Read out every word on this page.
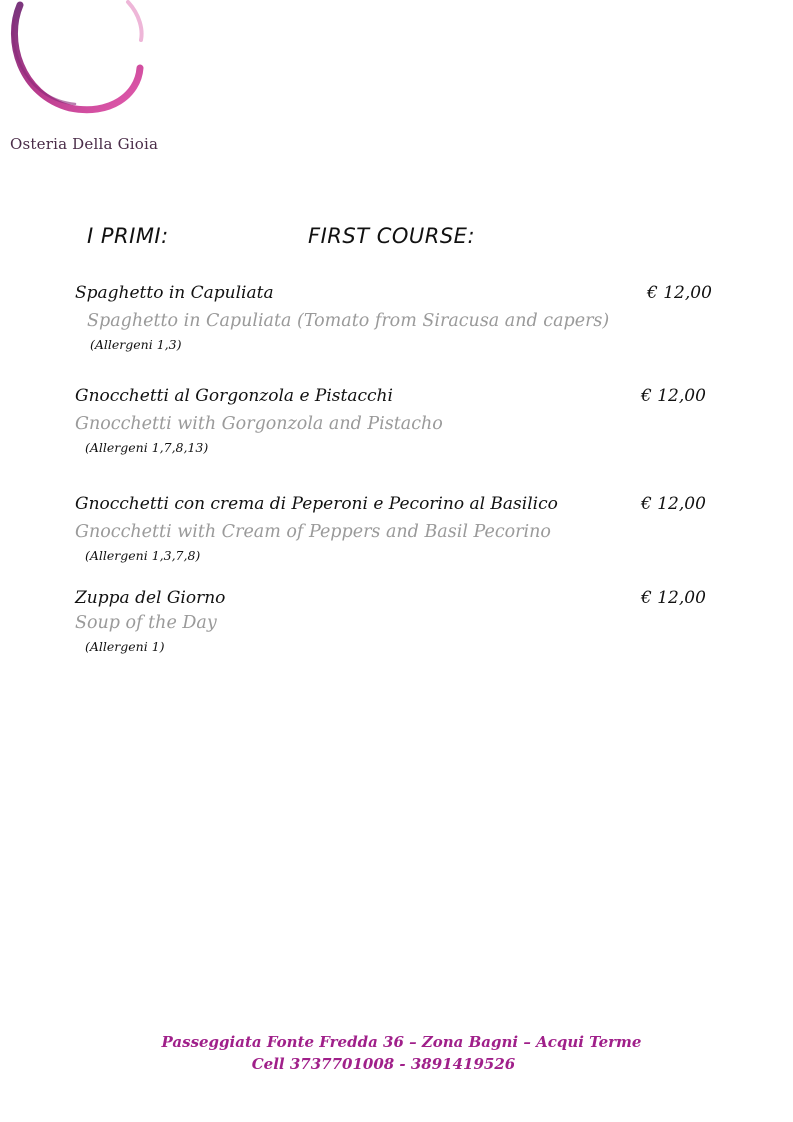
Osteria Della Gioia
I PRIMI:	FIRST COURSE:
Spaghetto in Capuliata	€ 12,00
Spaghetto in Capuliata (Tomato from Siracusa and capers)
(Allergeni 1,3)
Gnocchetti al Gorgonzola e Pistacchi	€ 12,00
Gnocchetti with Gorgonzola and Pistacho
(Allergeni 1,7,8,13)
Gnocchetti con crema di Peperoni e Pecorino al Basilico	€ 12,00
Gnocchetti with Cream of Peppers and Basil Pecorino
(Allergeni 1,3,7,8)
Zuppa del Giorno	€ 12,00
Soup of the Day
(Allergeni 1)
Passeggiata Fonte Fredda 36 – Zona Bagni – Acqui Terme
Cell 3737701008 - 3891419526
